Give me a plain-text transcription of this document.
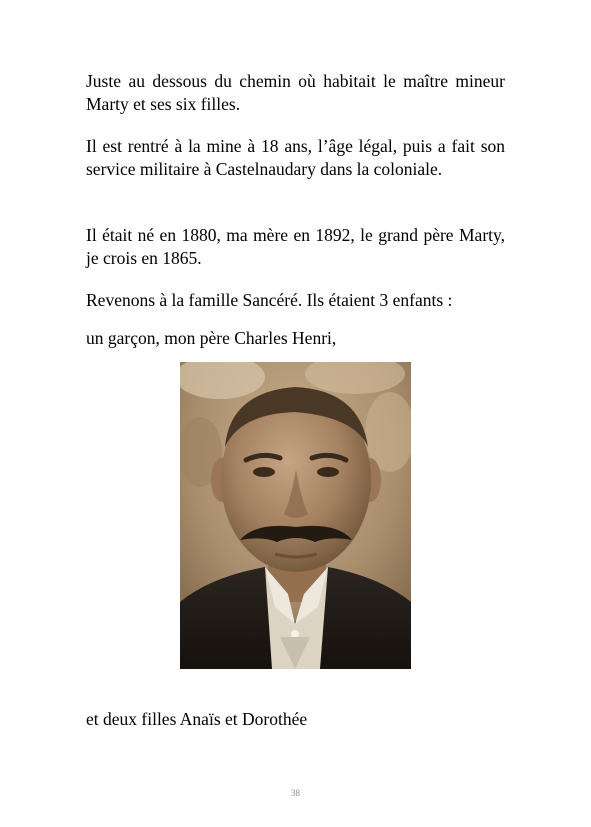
Juste au dessous du chemin où habitait le maître mineur Marty et ses six filles.

Il est rentré à la mine à 18 ans, l’âge légal, puis a fait son service militaire à Castelnaudary dans la coloniale.

Il était né en 1880, ma mère en 1892, le grand père Marty, je crois en 1865.

Revenons à la famille Sancéré. Ils étaient 3 enfants :

un garçon, mon père Charles Henri,

et deux filles Anaïs et Dorothée

38
